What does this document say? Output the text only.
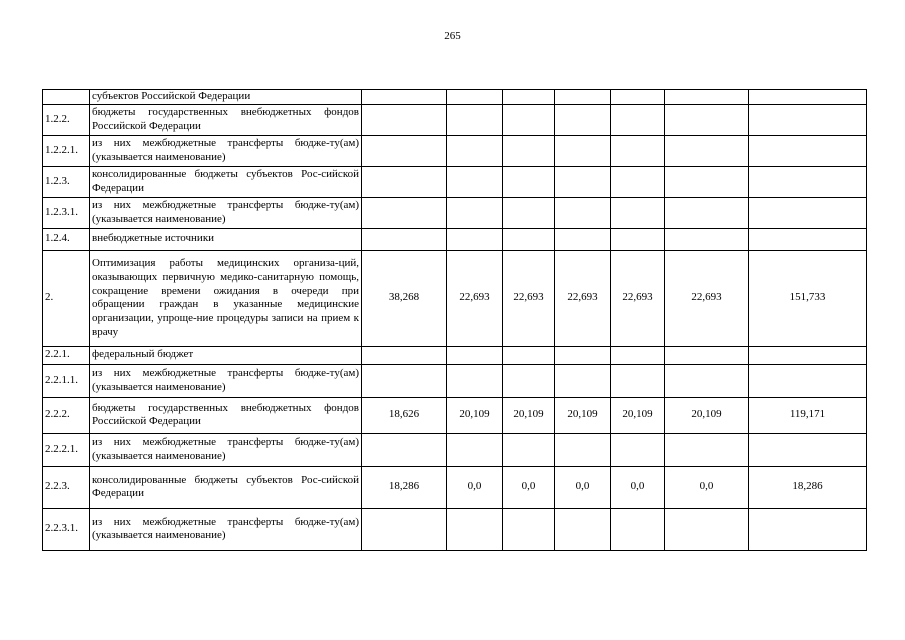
265
	субъектов Российской Федерации							
1.2.2.	бюджеты государственных внебюджетных фондов Российской Федерации							
1.2.2.1.	из них межбюджетные трансферты бюдже-ту(ам) (указывается наименование)							
1.2.3.	консолидированные бюджеты субъектов Рос-сийской Федерации							
1.2.3.1.	из них межбюджетные трансферты бюдже-ту(ам) (указывается наименование)							
1.2.4.	внебюджетные источники							
2.	Оптимизация работы медицинских организа-ций, оказывающих первичную медико-санитарную помощь, сокращение времени ожидания в очереди при обращении граждан в указанные медицинские организации, упроще-ние процедуры записи на прием к врачу	38,268	22,693	22,693	22,693	22,693	22,693	151,733
2.2.1.	федеральный бюджет							
2.2.1.1.	из них межбюджетные трансферты бюдже-ту(ам) (указывается наименование)							
2.2.2.	бюджеты государственных внебюджетных фондов Российской Федерации	18,626	20,109	20,109	20,109	20,109	20,109	119,171
2.2.2.1.	из них межбюджетные трансферты бюдже-ту(ам) (указывается наименование)							
2.2.3.	консолидированные бюджеты субъектов Рос-сийской Федерации	18,286	0,0	0,0	0,0	0,0	0,0	18,286
2.2.3.1.	из них межбюджетные трансферты бюдже-ту(ам) (указывается наименование)							
